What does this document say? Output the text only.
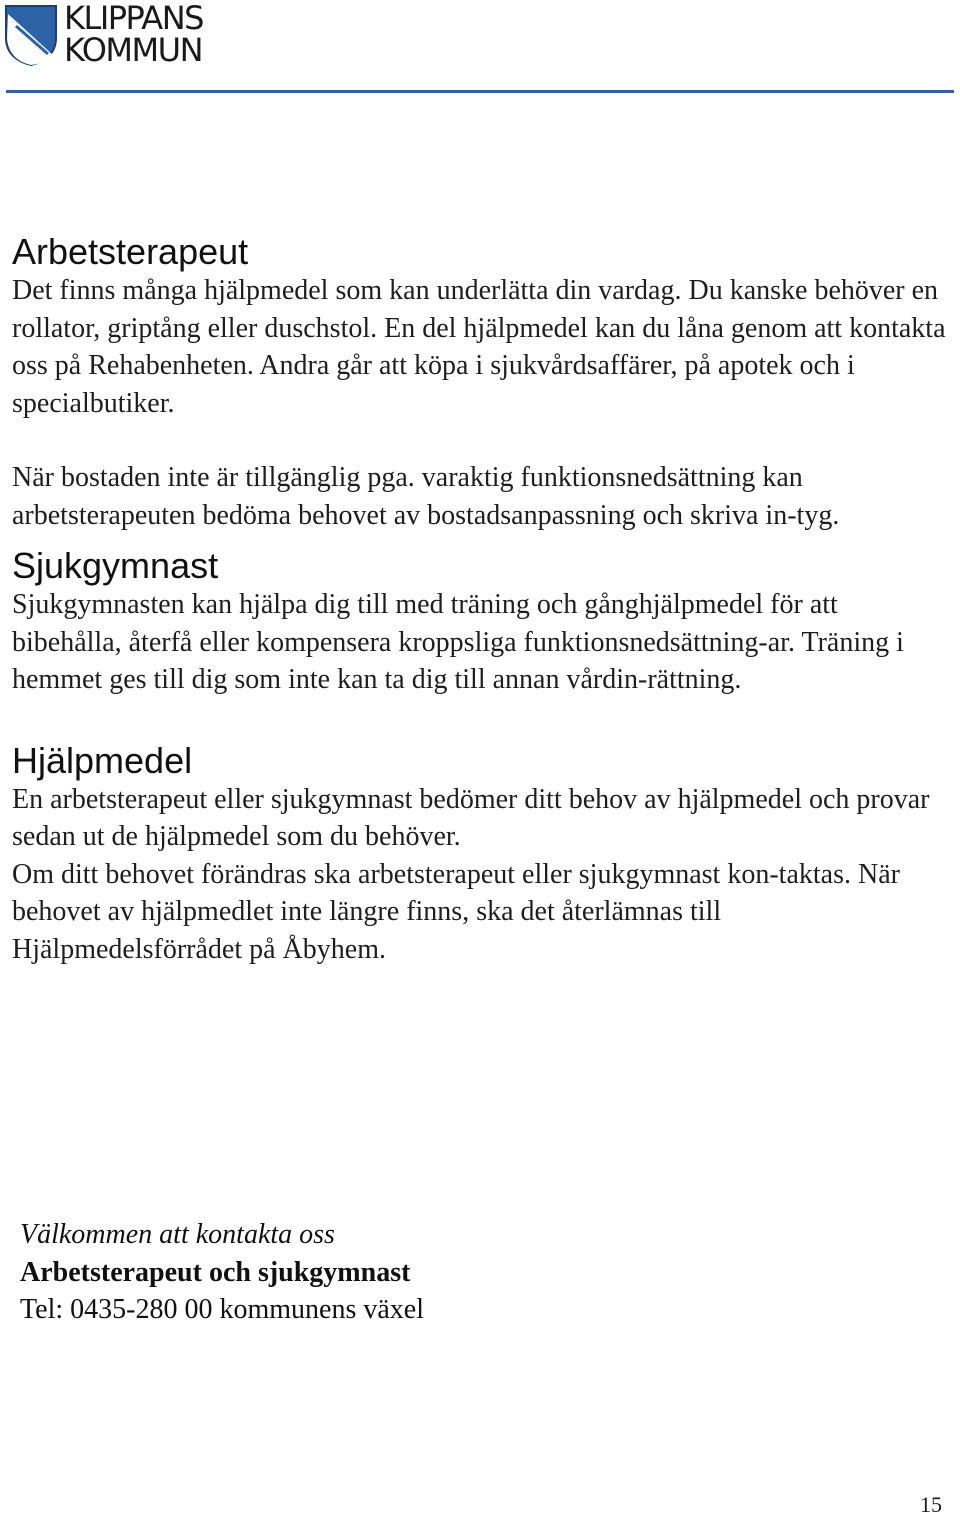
KLIPPANS
KOMMUN
Arbetsterapeut

Det finns många hjälpmedel som kan underlätta din vardag. Du kanske behöver en rollator, griptång eller duschstol. En del hjälpmedel kan du låna genom att kontakta oss på Rehabenheten. Andra går att köpa i sjukvårdsaffärer, på apotek och i specialbutiker.

När bostaden inte är tillgänglig pga. varaktig funktionsnedsättning kan arbetsterapeuten bedöma behovet av bostadsanpassning och skriva in-tyg.

Sjukgymnast

Sjukgymnasten kan hjälpa dig till med träning och gånghjälpmedel för att bibehålla, återfå eller kompensera kroppsliga funktionsnedsättning-ar. Träning i hemmet ges till dig som inte kan ta dig till annan vårdin-rättning.

Hjälpmedel

En arbetsterapeut eller sjukgymnast bedömer ditt behov av hjälpmedel och provar sedan ut de hjälpmedel som du behöver.

Om ditt behovet förändras ska arbetsterapeut eller sjukgymnast kon-taktas. När behovet av hjälpmedlet inte längre finns, ska det återlämnas till Hjälpmedelsförrådet på Åbyhem.

Välkommen att kontakta oss
Arbetsterapeut och sjukgymnast
Tel: 0435-280 00 kommunens växel
15
